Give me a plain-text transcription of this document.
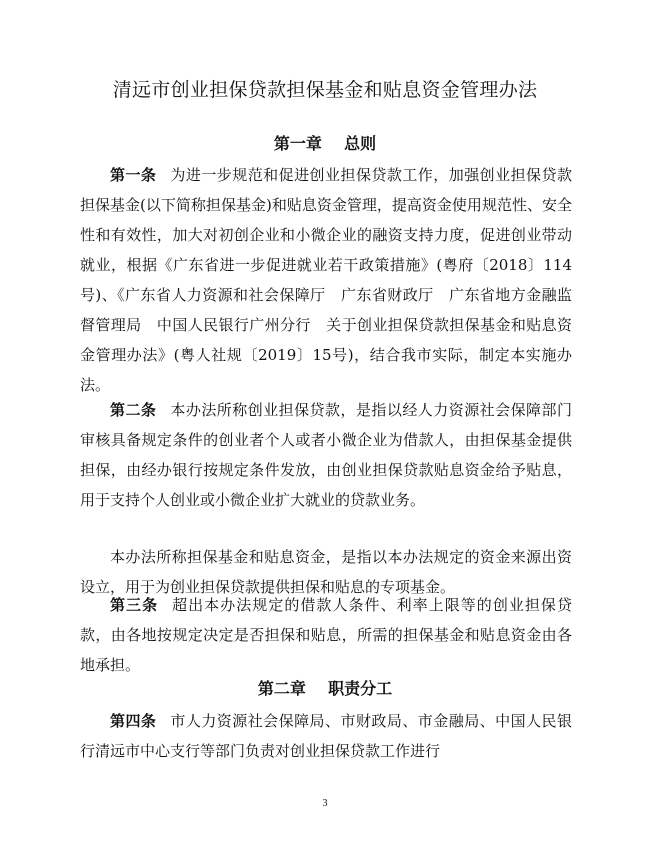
清远市创业担保贷款担保基金和贴息资金管理办法
第一章    总则

第一条 为进一步规范和促进创业担保贷款工作，加强创业担保贷款担保基金(以下简称担保基金)和贴息资金管理，提高资金使用规范性、安全性和有效性，加大对初创企业和小微企业的融资支持力度，促进创业带动就业，根据《广东省进一步促进就业若干政策措施》(粤府〔2018〕114号)、《广东省人力资源和社会保障厅　广东省财政厅　广东省地方金融监督管理局　中国人民银行广州分行　关于创业担保贷款担保基金和贴息资金管理办法》(粤人社规〔2019〕15号)，结合我市实际，制定本实施办法。

第二条 本办法所称创业担保贷款，是指以经人力资源社会保障部门审核具备规定条件的创业者个人或者小微企业为借款人，由担保基金提供担保，由经办银行按规定条件发放，由创业担保贷款贴息资金给予贴息，用于支持个人创业或小微企业扩大就业的贷款业务。

本办法所称担保基金和贴息资金，是指以本办法规定的资金来源出资设立，用于为创业担保贷款提供担保和贴息的专项基金。

第三条 超出本办法规定的借款人条件、利率上限等的创业担保贷款，由各地按规定决定是否担保和贴息，所需的担保基金和贴息资金由各地承担。

第二章    职责分工

第四条 市人力资源社会保障局、市财政局、市金融局、中国人民银行清远市中心支行等部门负责对创业担保贷款工作进行

3
